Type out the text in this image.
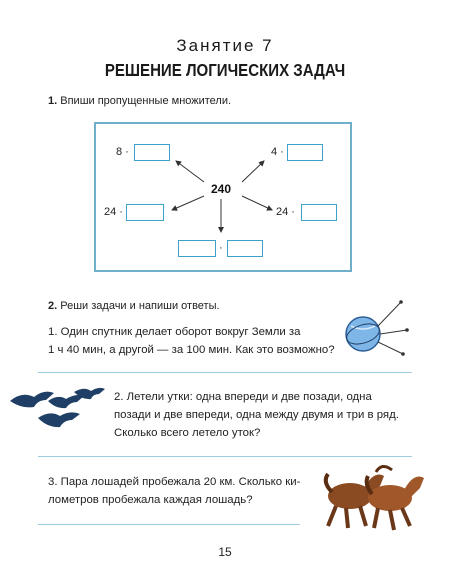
Занятие 7
РЕШЕНИЕ ЛОГИЧЕСКИХ ЗАДАЧ
1. Впиши пропущенные множители.
8 ·	4 ·
240
24 ·	24 ·
·
2. Реши задачи и напиши ответы.
1. Один спутник делает оборот вокруг Земли за
1 ч 40 мин, а другой — за 100 мин. Как это возможно?
2. Летели утки: одна впереди и две позади, одна
позади и две впереди, одна между двумя и три в ряд.
Сколько всего летело уток?
3. Пара лошадей пробежала 20 км. Сколько ки-
лометров пробежала каждая лошадь?
15
